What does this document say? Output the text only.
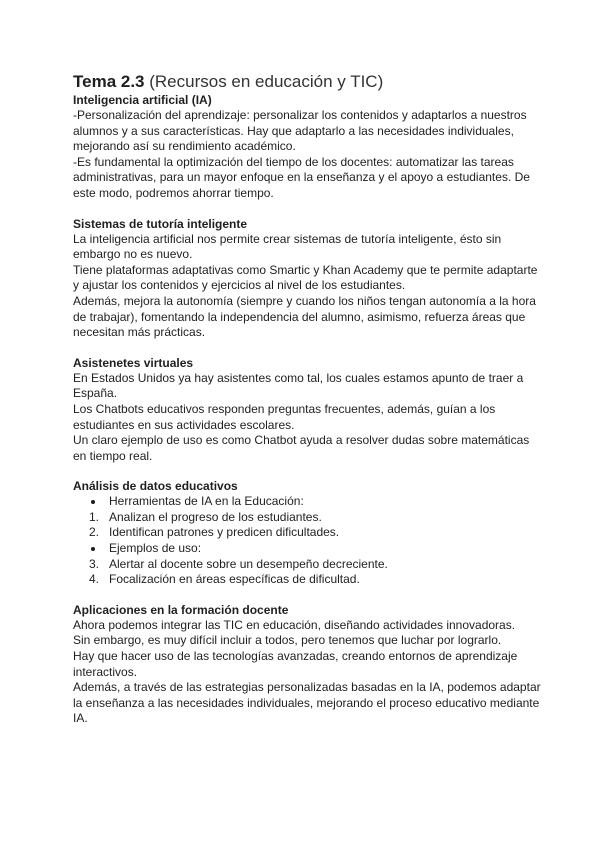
Tema 2.3 (Recursos en educación y TIC)

Inteligencia artificial (IA)

-Personalización del aprendizaje: personalizar los contenidos y adaptarlos a nuestros alumnos y a sus características. Hay que adaptarlo a las necesidades individuales, mejorando así su rendimiento académico.

-Es fundamental la optimización del tiempo de los docentes: automatizar las tareas administrativas, para un mayor enfoque en la enseñanza y el apoyo a estudiantes. De este modo, podremos ahorrar tiempo.

Sistemas de tutoría inteligente

La inteligencia artificial nos permite crear sistemas de tutoría inteligente, ésto sin embargo no es nuevo.

Tiene plataformas adaptativas como Smartic y Khan Academy que te permite adaptarte y ajustar los contenidos y ejercicios al nivel de los estudiantes.

Además, mejora la autonomía (siempre y cuando los niños tengan autonomía a la hora de trabajar), fomentando la independencia del alumno, asimismo, refuerza áreas que necesitan más prácticas.

Asistenetes virtuales

En Estados Unidos ya hay asistentes como tal, los cuales estamos apunto de traer a España.

Los Chatbots educativos responden preguntas frecuentes, además, guían a los estudiantes en sus actividades escolares.

Un claro ejemplo de uso es como Chatbot ayuda a resolver dudas sobre matemáticas en tiempo real.

Análisis de datos educativos

Herramientas de IA en la Educación:
1. Analizan el progreso de los estudiantes.
2. Identifican patrones y predicen dificultades.
Ejemplos de uso:
3. Alertar al docente sobre un desempeño decreciente.
4. Focalización en áreas específicas de dificultad.

Aplicaciones en la formación docente

Ahora podemos integrar las TIC en educación, diseñando actividades innovadoras.

Sin embargo, es muy difícil incluir a todos, pero tenemos que luchar por lograrlo.

Hay que hacer uso de las tecnologías avanzadas, creando entornos de aprendizaje interactivos.

Además, a través de las estrategias personalizadas basadas en la IA, podemos adaptar la enseñanza a las necesidades individuales, mejorando el proceso educativo mediante IA.
